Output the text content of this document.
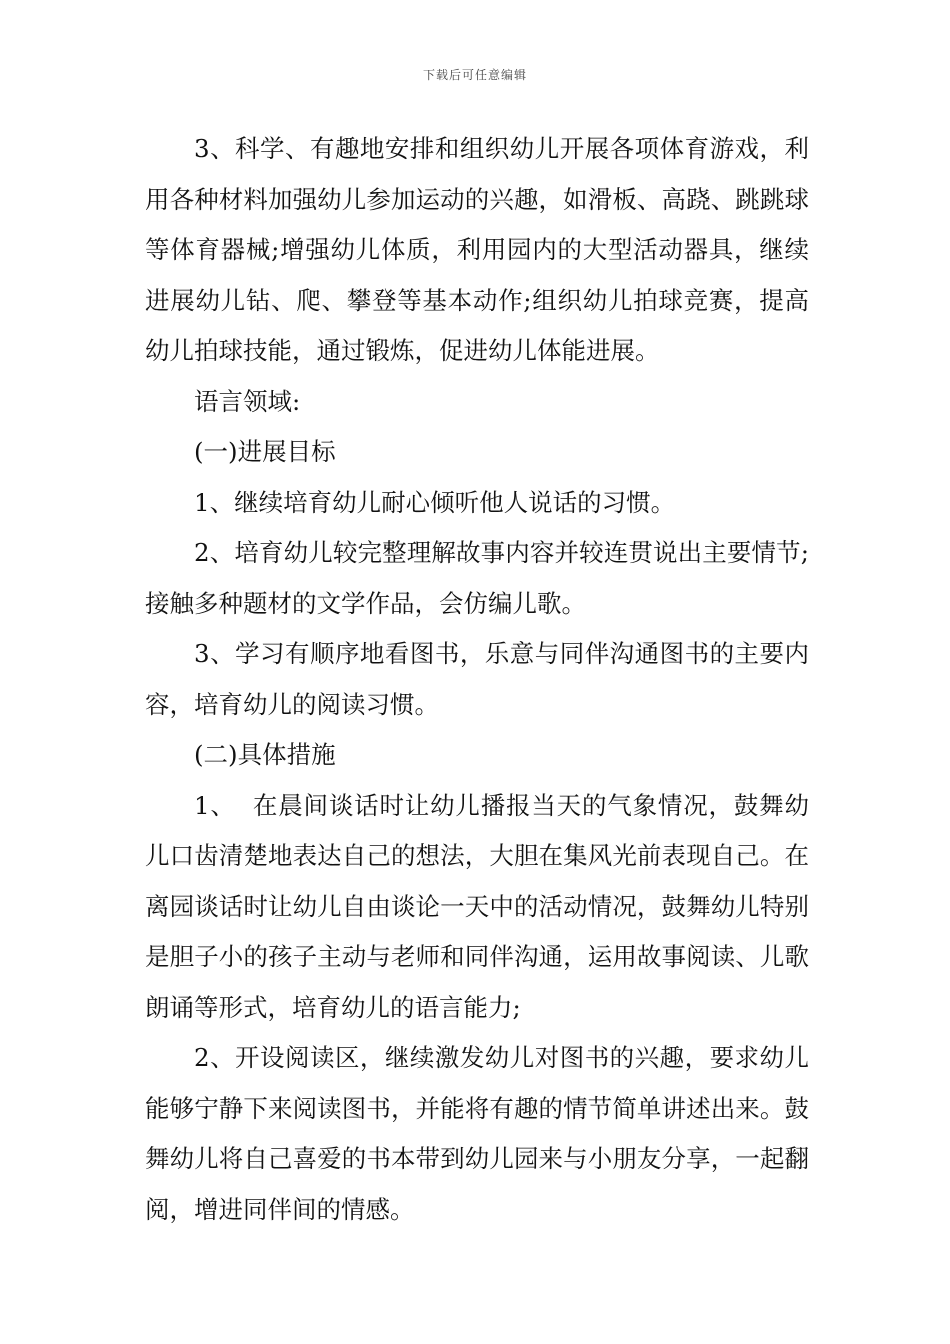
下载后可任意编辑

3、科学、有趣地安排和组织幼儿开展各项体育游戏，利用各种材料加强幼儿参加运动的兴趣，如滑板、高跷、跳跳球等体育器械;增强幼儿体质，利用园内的大型活动器具，继续进展幼儿钻、爬、攀登等基本动作;组织幼儿拍球竞赛，提高幼儿拍球技能，通过锻炼，促进幼儿体能进展。

语言领域:

(一)进展目标

1、继续培育幼儿耐心倾听他人说话的习惯。

2、培育幼儿较完整理解故事内容并较连贯说出主要情节;接触多种题材的文学作品，会仿编儿歌。

3、学习有顺序地看图书，乐意与同伴沟通图书的主要内容，培育幼儿的阅读习惯。

(二)具体措施

1、  在晨间谈话时让幼儿播报当天的气象情况，鼓舞幼儿口齿清楚地表达自己的想法，大胆在集风光前表现自己。在离园谈话时让幼儿自由谈论一天中的活动情况，鼓舞幼儿特别是胆子小的孩子主动与老师和同伴沟通，运用故事阅读、儿歌朗诵等形式，培育幼儿的语言能力;

2、开设阅读区，继续激发幼儿对图书的兴趣，要求幼儿能够宁静下来阅读图书，并能将有趣的情节简单讲述出来。鼓舞幼儿将自己喜爱的书本带到幼儿园来与小朋友分享，一起翻阅，增进同伴间的情感。
